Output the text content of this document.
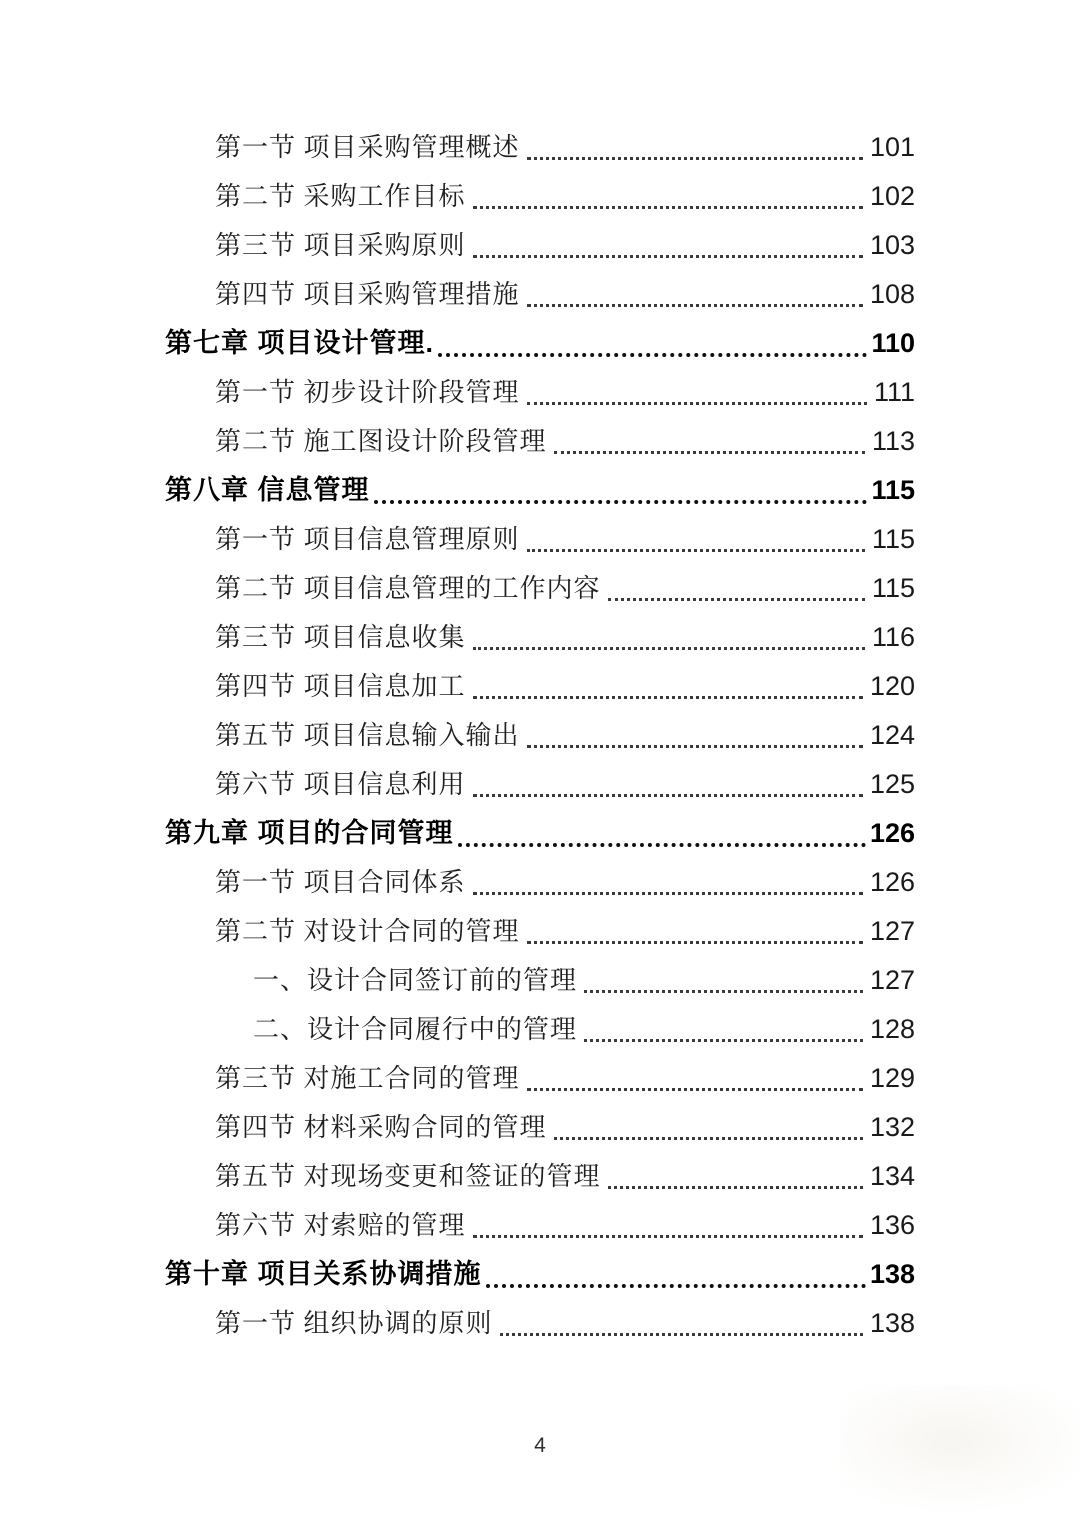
第一节 项目采购管理概述	101
第二节 采购工作目标	102
第三节 项目采购原则	103
第四节 项目采购管理措施	108
第七章 项目设计管理.	110
第一节 初步设计阶段管理	111
第二节 施工图设计阶段管理	113
第八章 信息管理	115
第一节 项目信息管理原则	115
第二节 项目信息管理的工作内容	115
第三节 项目信息收集	116
第四节 项目信息加工	120
第五节 项目信息输入输出	124
第六节 项目信息利用	125
第九章 项目的合同管理	126
第一节 项目合同体系	126
第二节 对设计合同的管理	127
一、设计合同签订前的管理	127
二、设计合同履行中的管理	128
第三节 对施工合同的管理	129
第四节 材料采购合同的管理	132
第五节 对现场变更和签证的管理	134
第六节 对索赔的管理	136
第十章 项目关系协调措施	138
第一节 组织协调的原则	138
4
